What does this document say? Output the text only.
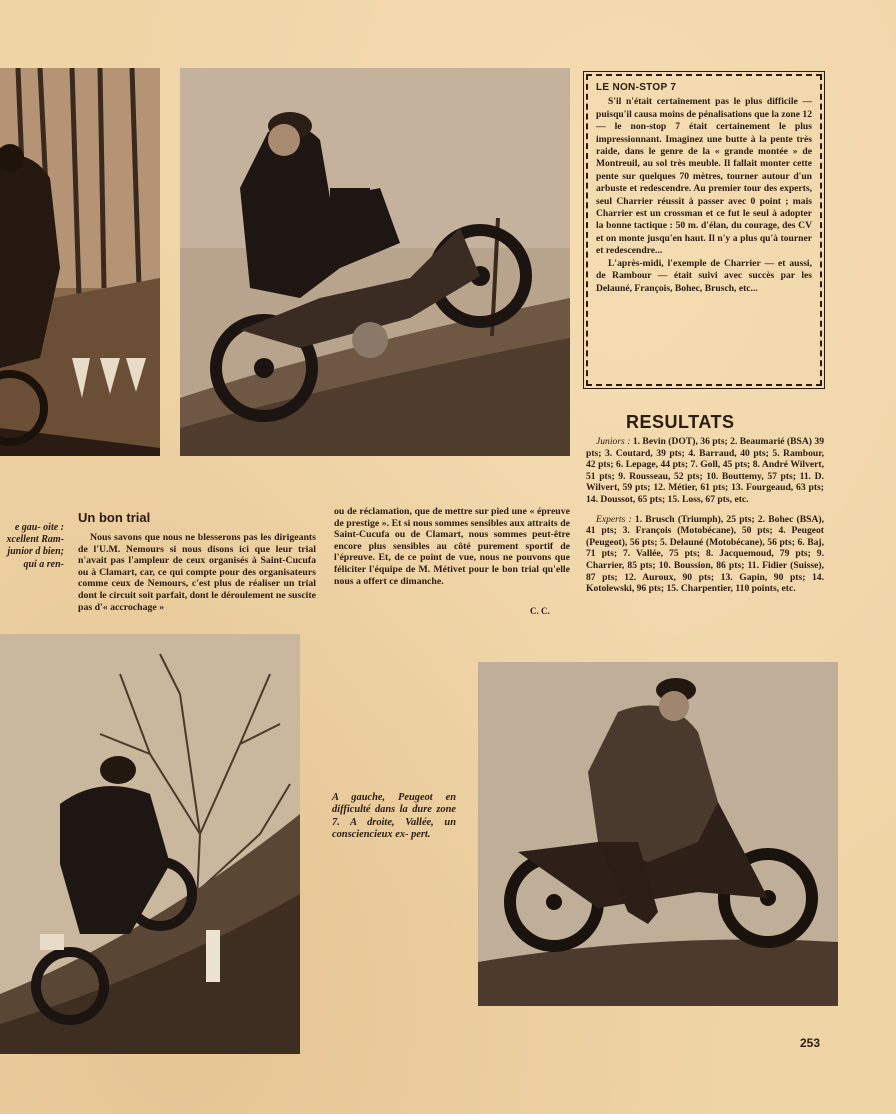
LE NON-STOP 7

S'il n'était certainement pas le plus difficile — puisqu'il causa moins de pénalisations que la zone 12 — le non-stop 7 était certainement le plus impressionnant. Imaginez une butte à la pente très raide, dans le genre de la « grande montée » de Montreuil, au sol très meuble. Il fallait monter cette pente sur quelques 70 mètres, tourner autour d'un arbuste et redescendre. Au premier tour des experts, seul Charrier réussit à passer avec 0 point ; mais Charrier est un crossman et ce fut le seul à adopter la bonne tactique : 50 m. d'élan, du courage, des CV et on monte jusqu'en haut. Il n'y a plus qu'à tourner et redescendre...

L'après-midi, l'exemple de Charrier — et aussi, de Rambour — était suivi avec succès par les Delauné, François, Bohec, Brusch, etc...

RESULTATS

Juniors : 1. Bevin (DOT), 36 pts; 2. Beaumarié (BSA) 39 pts; 3. Coutard, 39 pts; 4. Barraud, 40 pts; 5. Rambour, 42 pts; 6. Lepage, 44 pts; 7. Goll, 45 pts; 8. André Wilvert, 51 pts; 9. Rousseau, 52 pts; 10. Bouttemy, 57 pts; 11. D. Wilvert, 59 pts; 12. Métier, 61 pts; 13. Fourgeaud, 63 pts; 14. Doussot, 65 pts; 15. Loss, 67 pts, etc.

Experts : 1. Brusch (Triumph), 25 pts; 2. Bohec (BSA), 41 pts; 3. François (Motobécane), 50 pts; 4. Peugeot (Peugeot), 56 pts; 5. Delauné (Motobécane), 56 pts; 6. Baj, 71 pts; 7. Vallée, 75 pts; 8. Jacquemoud, 79 pts; 9. Charrier, 85 pts; 10. Boussion, 86 pts; 11. Fidier (Suisse), 87 pts; 12. Auroux, 90 pts; 13. Gapin, 90 pts; 14. Kotolewski, 96 pts; 15. Charpentier, 110 points, etc.

e gau- oite : xcellent Ram- junior d bien; qui a ren-
Un bon trial

Nous savons que nous ne blesserons pas les dirigeants de l'U.M. Nemours si nous disons ici que leur trial n'avait pas l'ampleur de ceux organisés à Saint-Cucufa ou à Clamart, car, ce qui compte pour des organisateurs comme ceux de Nemours, c'est plus de réaliser un trial dont le circuit soit parfait, dont le déroulement ne suscite pas d'« accrochage »

ou de réclamation, que de mettre sur pied une « épreuve de prestige ». Et si nous sommes sensibles aux attraits de Saint-Cucufa ou de Clamart, nous sommes peut-être encore plus sensibles au côté purement sportif de l'épreuve. Et, de ce point de vue, nous ne pouvons que féliciter l'équipe de M. Métivet pour le bon trial qu'elle nous a offert ce dimanche.

C. C.
A gauche, Peugeot en difficulté dans la dure zone 7. A droite, Vallée, un consciencieux ex- pert.
253
